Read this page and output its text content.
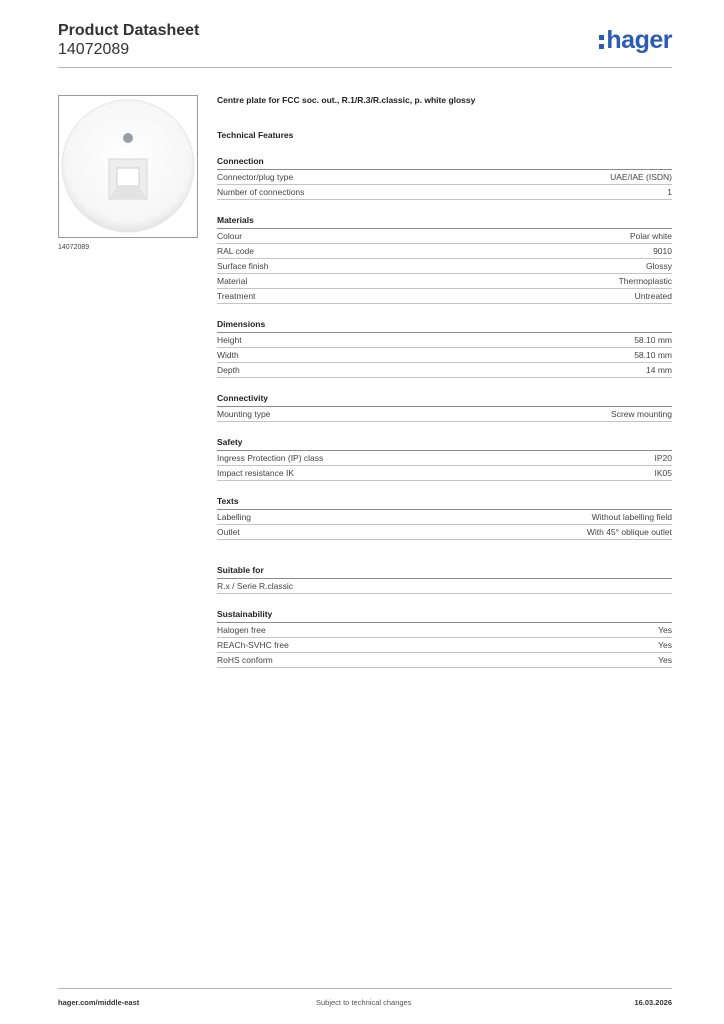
Product Datasheet
14072089	hager
14072089
Centre plate for FCC soc. out., R.1/R.3/R.classic, p. white glossy
Technical Features
Connection
Connector/plug type	UAE/IAE (ISDN)
Number of connections	1
Materials
Colour	Polar white
RAL code	9010
Surface finish	Glossy
Material	Thermoplastic
Treatment	Untreated
Dimensions
Height	58.10 mm
Width	58.10 mm
Depth	14 mm
Connectivity
Mounting type	Screw mounting
Safety
Ingress Protection (IP) class	IP20
Impact resistance IK	IK05
Texts
Labelling	Without labelling field
Outlet	With 45° oblique outlet
Suitable for
R.x / Serie R.classic
Sustainability
Halogen free	Yes
REACh-SVHC free	Yes
RoHS conform	Yes
hager.com/middle-east	Subject to technical changes	16.03.2026
